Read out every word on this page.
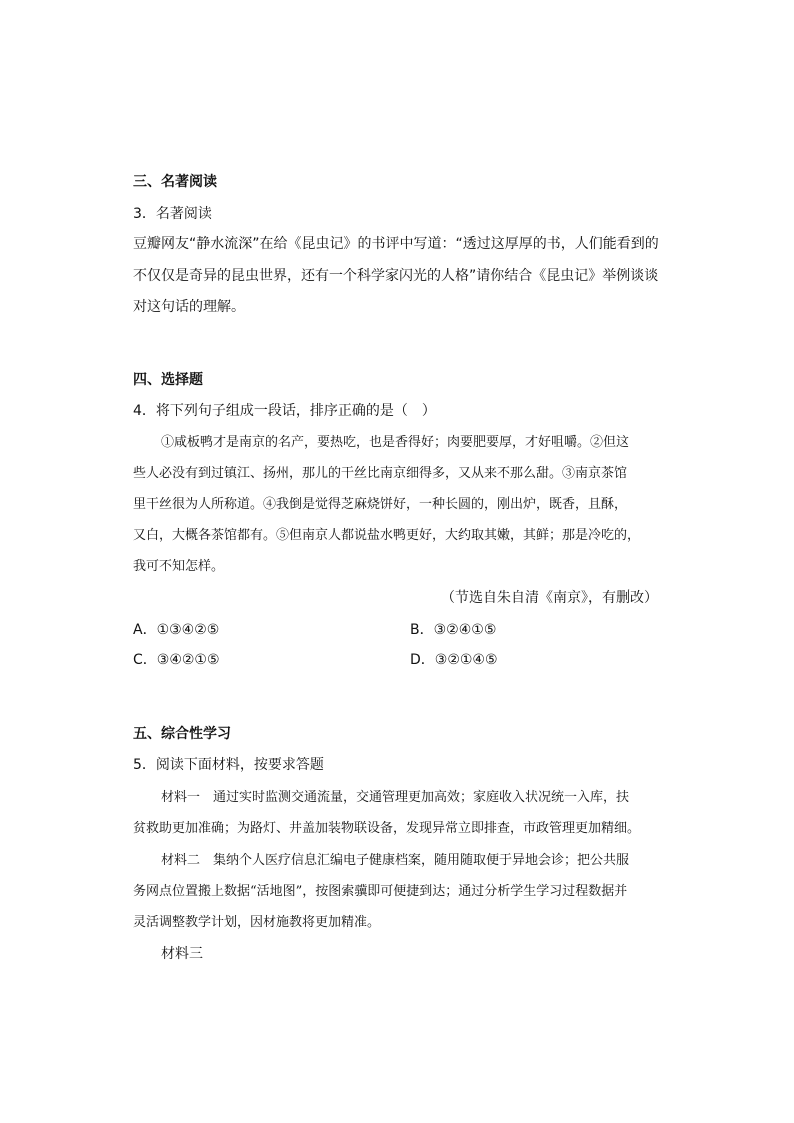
三、名著阅读
3．名著阅读
豆瓣网友“静水流深”在给《昆虫记》的书评中写道：“透过这厚厚的书，人们能看到的
不仅仅是奇异的昆虫世界，还有一个科学家闪光的人格”请你结合《昆虫记》举例谈谈
对这句话的理解。
四、选择题
4．将下列句子组成一段话，排序正确的是（　）
①咸板鸭才是南京的名产，要热吃，也是香得好；肉要肥要厚，才好咀嚼。②但这
些人必没有到过镇江、扬州，那儿的干丝比南京细得多，又从来不那么甜。③南京茶馆
里干丝很为人所称道。④我倒是觉得芝麻烧饼好，一种长圆的，刚出炉，既香，且酥，
又白，大概各茶馆都有。⑤但南京人都说盐水鸭更好，大约取其嫩，其鲜；那是冷吃的，
我可不知怎样。
（节选自朱自清《南京》，有删改）
A．①③④②⑤	B．③②④①⑤
C．③④②①⑤	D．③②①④⑤
五、综合性学习
5．阅读下面材料，按要求答题
材料一　通过实时监测交通流量，交通管理更加高效；家庭收入状况统一入库，扶
贫救助更加准确；为路灯、井盖加装物联设备，发现异常立即排查，市政管理更加精细。
材料二　集纳个人医疗信息汇编电子健康档案，随用随取便于异地会诊；把公共服
务网点位置搬上数据“活地图”，按图索骥即可便捷到达；通过分析学生学习过程数据并
灵活调整教学计划，因材施教将更加精准。
材料三
